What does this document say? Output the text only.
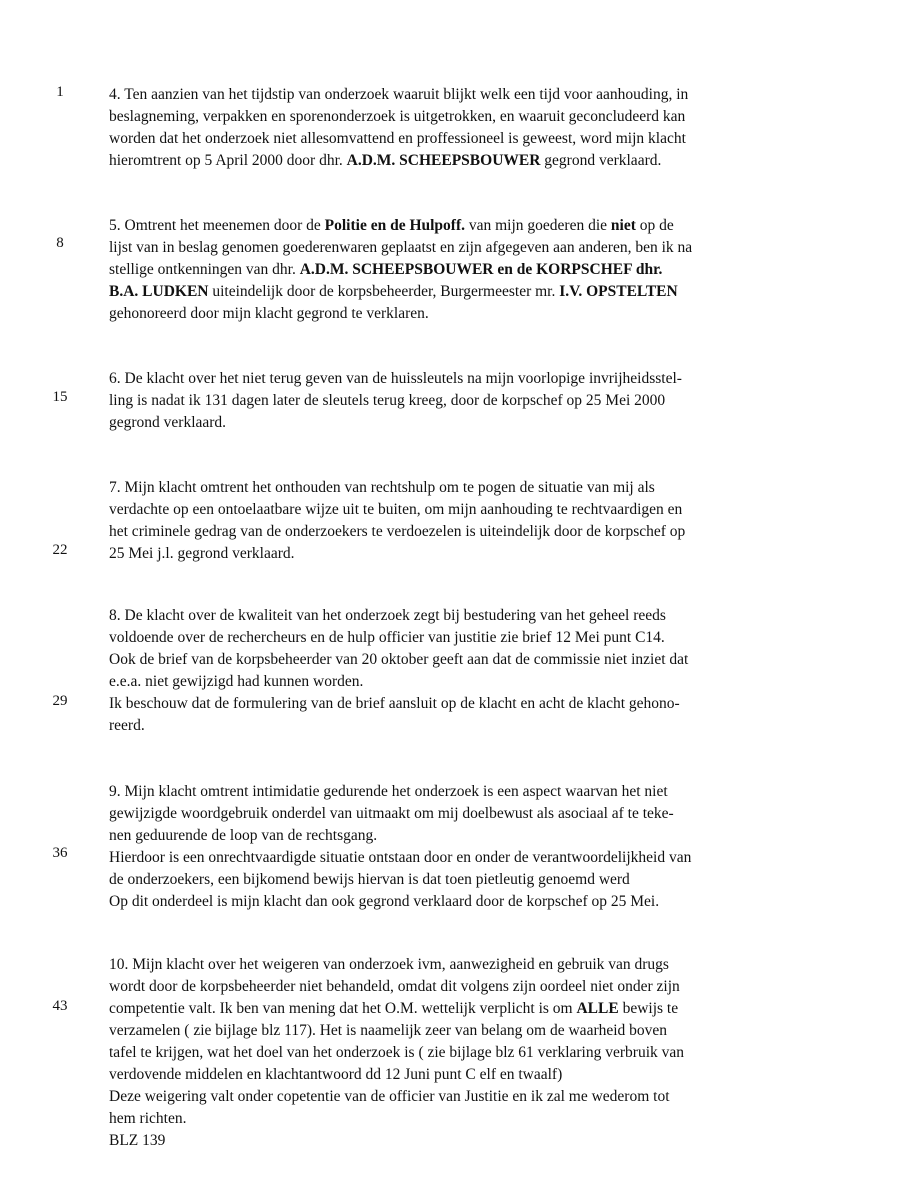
1
8
15
22
29
36
43
4. Ten aanzien van het tijdstip van onderzoek waaruit blijkt welk een tijd voor aanhouding, in
beslagneming, verpakken en sporenonderzoek is uitgetrokken, en waaruit geconcludeerd kan
worden dat het onderzoek niet allesomvattend en proffessioneel is geweest, word mijn klacht
hieromtrent op 5 April 2000 door dhr. A.D.M. SCHEEPSBOUWER gegrond verklaard.
5. Omtrent het meenemen door de Politie en de Hulpoff. van mijn goederen die niet op de
lijst van in beslag genomen goederenwaren geplaatst en zijn afgegeven aan anderen, ben ik na
stellige ontkenningen van dhr. A.D.M. SCHEEPSBOUWER en de KORPSCHEF dhr.
B.A. LUDKEN uiteindelijk door de korpsbeheerder, Burgermeester mr. I.V. OPSTELTEN
gehonoreerd door mijn klacht gegrond te verklaren.
6. De klacht over het niet terug geven van de huissleutels na mijn voorlopige invrijheidsstel-
ling is nadat ik 131 dagen later de sleutels terug kreeg, door de korpschef op 25 Mei 2000
gegrond verklaard.
7. Mijn klacht omtrent het onthouden van rechtshulp om te pogen de situatie van mij als
verdachte op een ontoelaatbare wijze uit te buiten, om mijn aanhouding te rechtvaardigen en
het criminele gedrag van de onderzoekers te verdoezelen is uiteindelijk door de korpschef op
25 Mei j.l. gegrond verklaard.
8. De klacht over de kwaliteit van het onderzoek zegt bij bestudering van het geheel reeds
voldoende over de rechercheurs en de hulp officier van justitie zie brief 12 Mei punt C14.
Ook de brief van de korpsbeheerder van 20 oktober geeft aan dat de commissie niet inziet dat
e.e.a. niet gewijzigd had kunnen worden.
Ik beschouw dat de formulering van de brief aansluit op de klacht en acht de klacht gehono-
reerd.
9. Mijn klacht omtrent intimidatie gedurende het onderzoek is een aspect waarvan het niet
gewijzigde woordgebruik onderdel van uitmaakt om mij doelbewust als asociaal af te teke-
nen geduurende de loop van de rechtsgang.
Hierdoor is een onrechtvaardigde situatie ontstaan door en onder de verantwoordelijkheid van
de onderzoekers, een bijkomend bewijs hiervan is dat toen pietleutig genoemd werd
Op dit onderdeel is mijn klacht dan ook gegrond verklaard door de korpschef op 25 Mei.
10. Mijn klacht over het weigeren van onderzoek ivm, aanwezigheid en gebruik van drugs
wordt door de korpsbeheerder niet behandeld, omdat dit volgens zijn oordeel niet onder zijn
competentie valt. Ik ben van mening dat het O.M. wettelijk verplicht is om ALLE bewijs te
verzamelen ( zie bijlage blz 117). Het is naamelijk zeer van belang om de waarheid boven
tafel te krijgen, wat het doel van het onderzoek is ( zie bijlage blz 61 verklaring verbruik van
verdovende middelen en klachtantwoord dd 12 Juni punt C elf en twaalf)
Deze weigering valt onder copetentie van de officier van Justitie en ik zal me wederom tot
hem richten.
BLZ 139
